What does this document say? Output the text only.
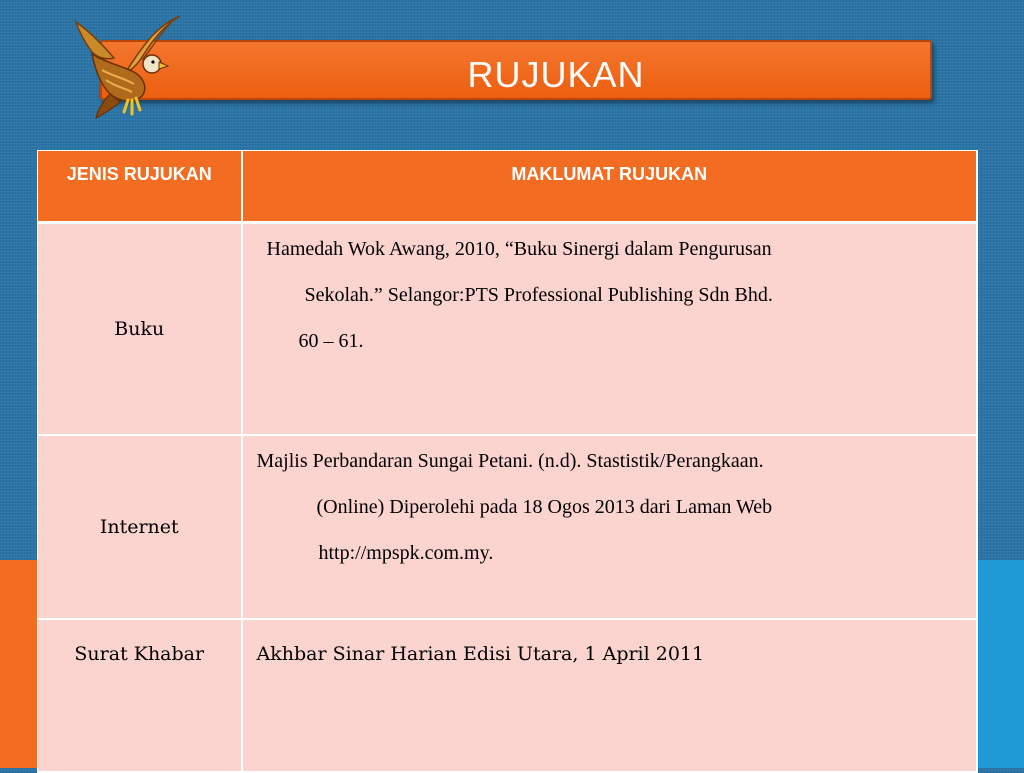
RUJUKAN
JENIS RUJUKAN	MAKLUMAT RUJUKAN
Buku	Hamedah Wok Awang, 2010, “Buku Sinergi dalam Pengurusan
Sekolah.” Selangor:PTS Professional Publishing Sdn Bhd.
60 – 61.

Internet	Majlis Perbandaran Sungai Petani. (n.d). Stastistik/Perangkaan.
(Online) Diperolehi pada 18 Ogos 2013 dari Laman Web
http://mpspk.com.my.

Surat Khabar	Akhbar Sinar Harian Edisi Utara, 1 April 2011
